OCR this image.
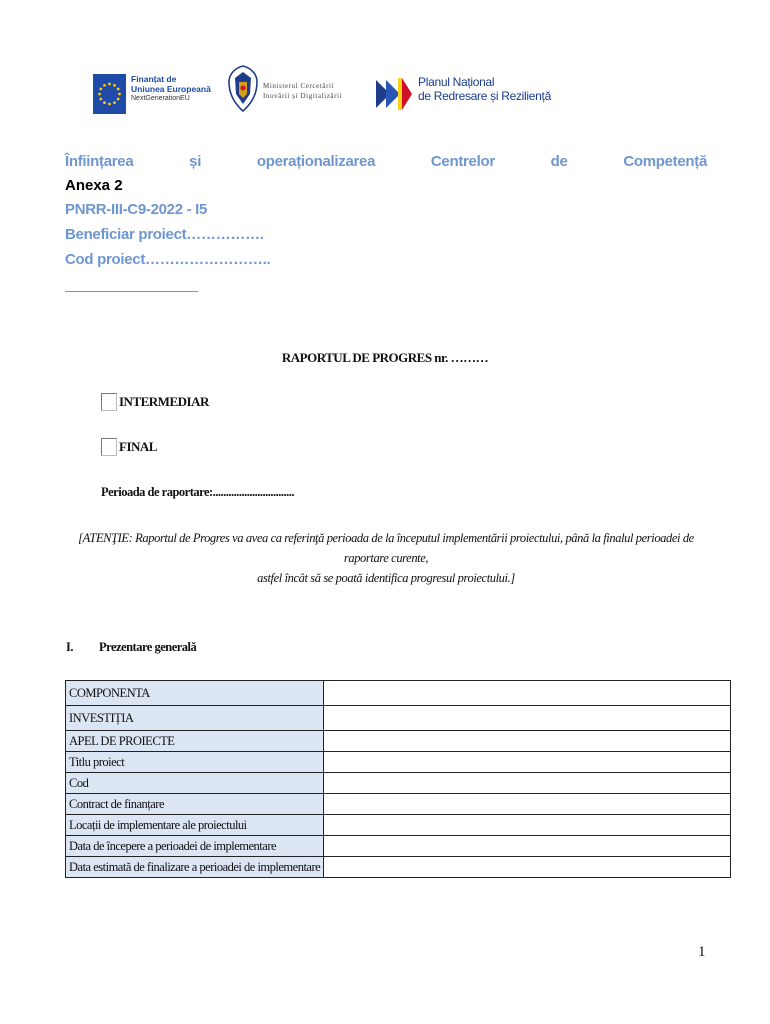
Finanțat de
Uniunea Europeană
NextGenerationEU
Ministerul Cercetării
Inovării și Digitalizării
Planul Național
de Redresare și Reziliență
Înființarea	și	operaționalizarea	Centrelor	de	Competență
Anexa 2
PNRR-III-C9-2022 - I5
Beneficiar proiect…………….
Cod proiect……………………..
RAPORTUL DE PROGRES nr. ………
INTERMEDIAR
FINAL
Perioada de raportare:...............................
[ATENŢIE: Raportul de Progres va avea ca referinţă perioada de la începutul implementării proiectului, până la finalul perioadei de raportare curente,
astfel încât să se poată identifica progresul proiectului.]
I.	Prezentare generală
COMPONENTA	
INVESTIȚIA	
APEL DE PROIECTE	
Titlu proiect	
Cod	
Contract de finanțare	
Locații de implementare ale proiectului	
Data de începere a perioadei de implementare	
Data estimată de finalizare a perioadei de implementare	
1
